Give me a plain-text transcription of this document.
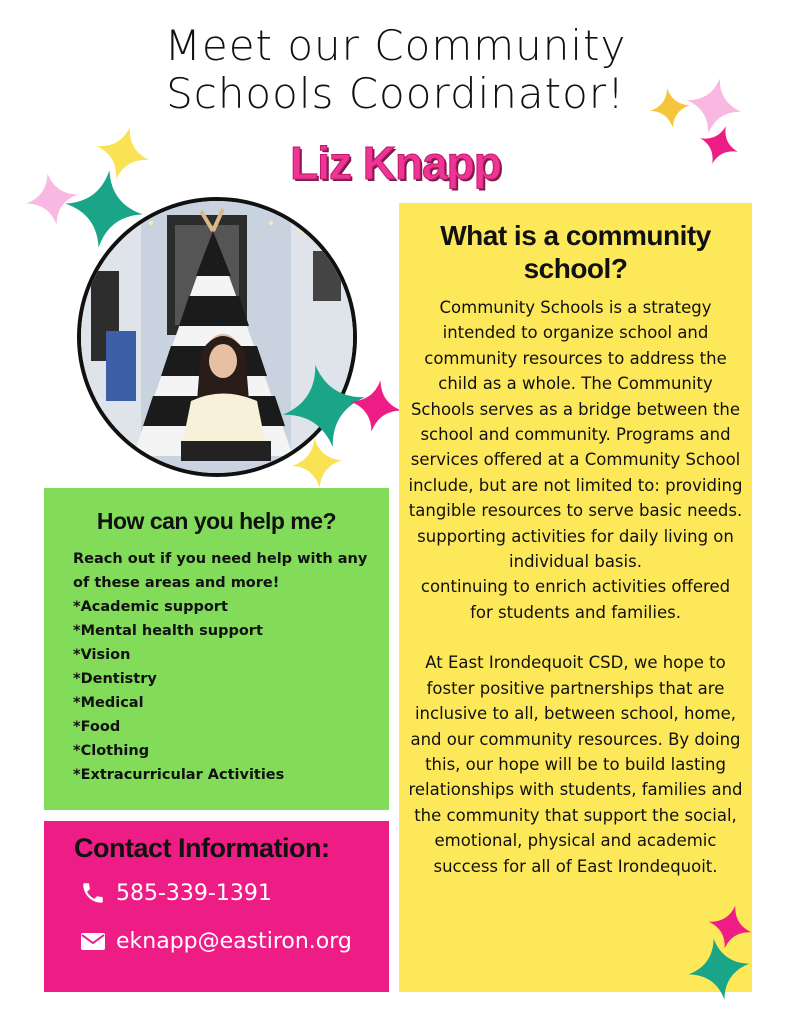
Meet our Community
Schools Coordinator!
Liz Knapp
What is a community school?
Community Schools is a strategy intended to organize school and community resources to address the child as a whole. The Community Schools serves as a bridge between the school and community. Programs and services offered at a Community School include, but are not limited to: providing tangible resources to serve basic needs.
supporting activities for daily living on individual basis.
continuing to enrich activities offered for students and families.
At East Irondequoit CSD, we hope to foster positive partnerships that are inclusive to all, between school, home, and our community resources. By doing this, our hope will be to build lasting relationships with students, families and the community that support the social, emotional, physical and academic success for all of East Irondequoit.
How can you help me?
Reach out if you need help with any of these areas and more!
*Academic support
*Mental health support
*Vision
*Dentistry
*Medical
*Food
*Clothing
*Extracurricular Activities
Contact Information:
585-339-1391
eknapp@eastiron.org
